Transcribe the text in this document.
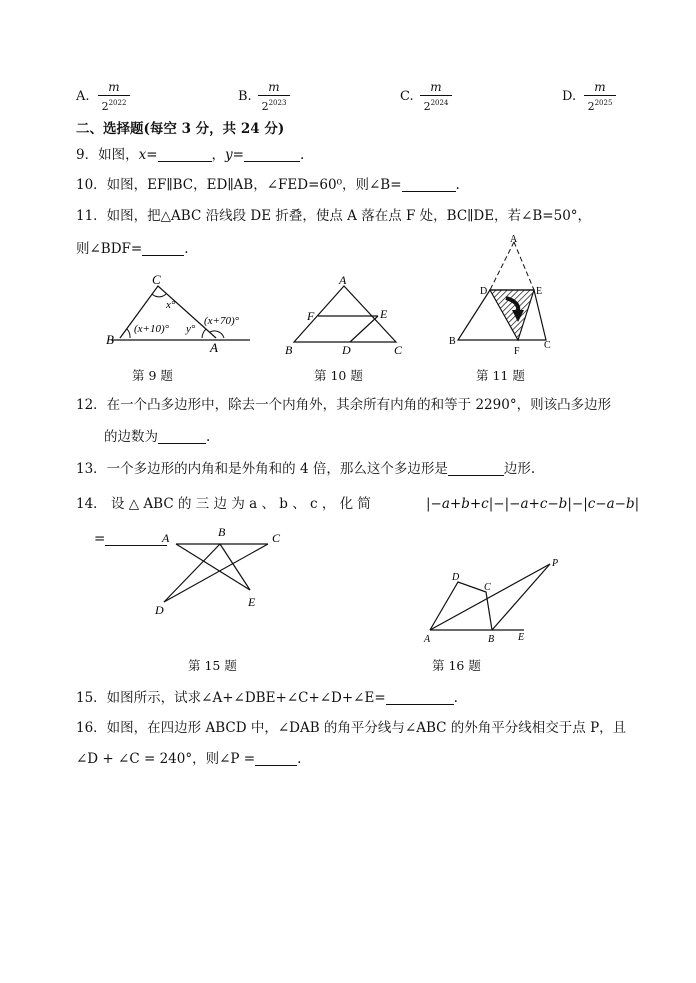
A.
m
$2^{2022}$	B.
m
$2^{2023}$	C.
m
$2^{2024}$	D.
m
$2^{2025}$
二、选择题(每空 3 分，共 24 分)
9．如图，x=	，y=	.
10．如图，EF∥BC，ED∥AB，∠FED=60⁰，则∠B=	.
11．如图，把△ABC 沿线段 DE 折叠，使点 A 落在点 F 处，BC∥DE，若∠B=50°，
则∠BDF=	.
C
B
A
x°
(x+10)° y°
(x+70)°
第 9 题
A
F	E
B	D	C
第 10 题
A
D	E
B
F
C
第 11 题
12．在一个凸多边形中，除去一个内角外，其余所有内角的和等于 2290°，则该凸多边形
的边数为	.
13．一个多边形的内角和是外角和的 4 倍，那么这个多边形是	边形.
14． 设 △ ABC 的 三 边 为 a 、 b 、 c ， 化 简	|−a+b+c|−|−a+c−b|−|c−a−b|
=	A	B	C
D
E
第 15 题
D
C
P
A	B E
第 16 题
15．如图所示，试求∠A+∠DBE+∠C+∠D+∠E=	.
16．如图，在四边形 ABCD 中，∠DAB 的角平分线与∠ABC 的外角平分线相交于点 P，且
∠D + ∠C = 240°，则∠P =	.
